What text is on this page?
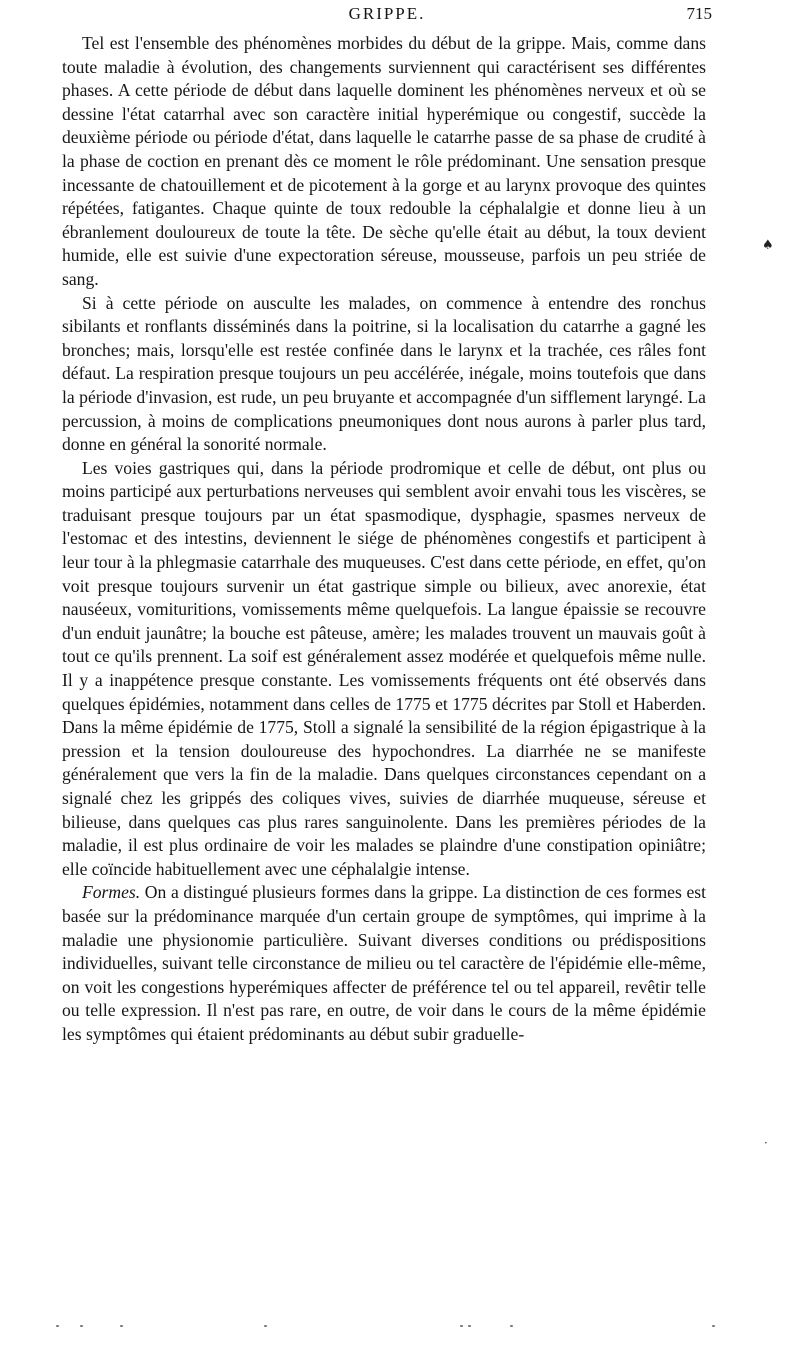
GRIPPE.	715

Tel est l'ensemble des phénomènes morbides du début de la grippe. Mais, comme dans toute maladie à évolution, des changements surviennent qui caractérisent ses différentes phases. A cette période de début dans laquelle dominent les phénomènes nerveux et où se dessine l'état catarrhal avec son caractère initial hyperémique ou congestif, succède la deuxième période ou période d'état, dans laquelle le catarrhe passe de sa phase de crudité à la phase de coction en prenant dès ce moment le rôle prédominant. Une sensation presque incessante de chatouillement et de picotement à la gorge et au larynx provoque des quintes répétées, fatigantes. Chaque quinte de toux redouble la céphalalgie et donne lieu à un ébranlement douloureux de toute la tête. De sèche qu'elle était au début, la toux devient humide, elle est suivie d'une expectoration séreuse, mousseuse, parfois un peu striée de sang.

Si à cette période on ausculte les malades, on commence à entendre des ronchus sibilants et ronflants disséminés dans la poitrine, si la localisation du catarrhe a gagné les bronches; mais, lorsqu'elle est restée confinée dans le larynx et la trachée, ces râles font défaut. La respiration presque toujours un peu accélérée, inégale, moins toutefois que dans la période d'invasion, est rude, un peu bruyante et accompagnée d'un sifflement laryngé. La percussion, à moins de complications pneumoniques dont nous aurons à parler plus tard, donne en général la sonorité normale.

Les voies gastriques qui, dans la période prodromique et celle de début, ont plus ou moins participé aux perturbations nerveuses qui semblent avoir envahi tous les viscères, se traduisant presque toujours par un état spasmodique, dysphagie, spasmes nerveux de l'estomac et des intestins, deviennent le siége de phénomènes congestifs et participent à leur tour à la phlegmasie catarrhale des muqueuses. C'est dans cette période, en effet, qu'on voit presque toujours survenir un état gastrique simple ou bilieux, avec anorexie, état nauséeux, vomituritions, vomissements même quelquefois. La langue épaissie se recouvre d'un enduit jaunâtre; la bouche est pâteuse, amère; les malades trouvent un mauvais goût à tout ce qu'ils prennent. La soif est généralement assez modérée et quelquefois même nulle. Il y a inappétence presque constante. Les vomissements fréquents ont été observés dans quelques épidémies, notamment dans celles de 1775 et 1775 décrites par Stoll et Haberden. Dans la même épidémie de 1775, Stoll a signalé la sensibilité de la région épigastrique à la pression et la tension douloureuse des hypochondres. La diarrhée ne se manifeste généralement que vers la fin de la maladie. Dans quelques circonstances cependant on a signalé chez les grippés des coliques vives, suivies de diarrhée muqueuse, séreuse et bilieuse, dans quelques cas plus rares sanguinolente. Dans les premières périodes de la maladie, il est plus ordinaire de voir les malades se plaindre d'une constipation opiniâtre; elle coïncide habituellement avec une céphalalgie intense.

Formes. On a distingué plusieurs formes dans la grippe. La distinction de ces formes est basée sur la prédominance marquée d'un certain groupe de symptômes, qui imprime à la maladie une physionomie particulière. Suivant diverses conditions ou prédispositions individuelles, suivant telle circonstance de milieu ou tel caractère de l'épidémie elle-même, on voit les congestions hyperémiques affecter de préférence tel ou tel appareil, revêtir telle ou telle expression. Il n'est pas rare, en outre, de voir dans le cours de la même épidémie les symptômes qui étaient prédominants au début subir graduelle-

♠
·
